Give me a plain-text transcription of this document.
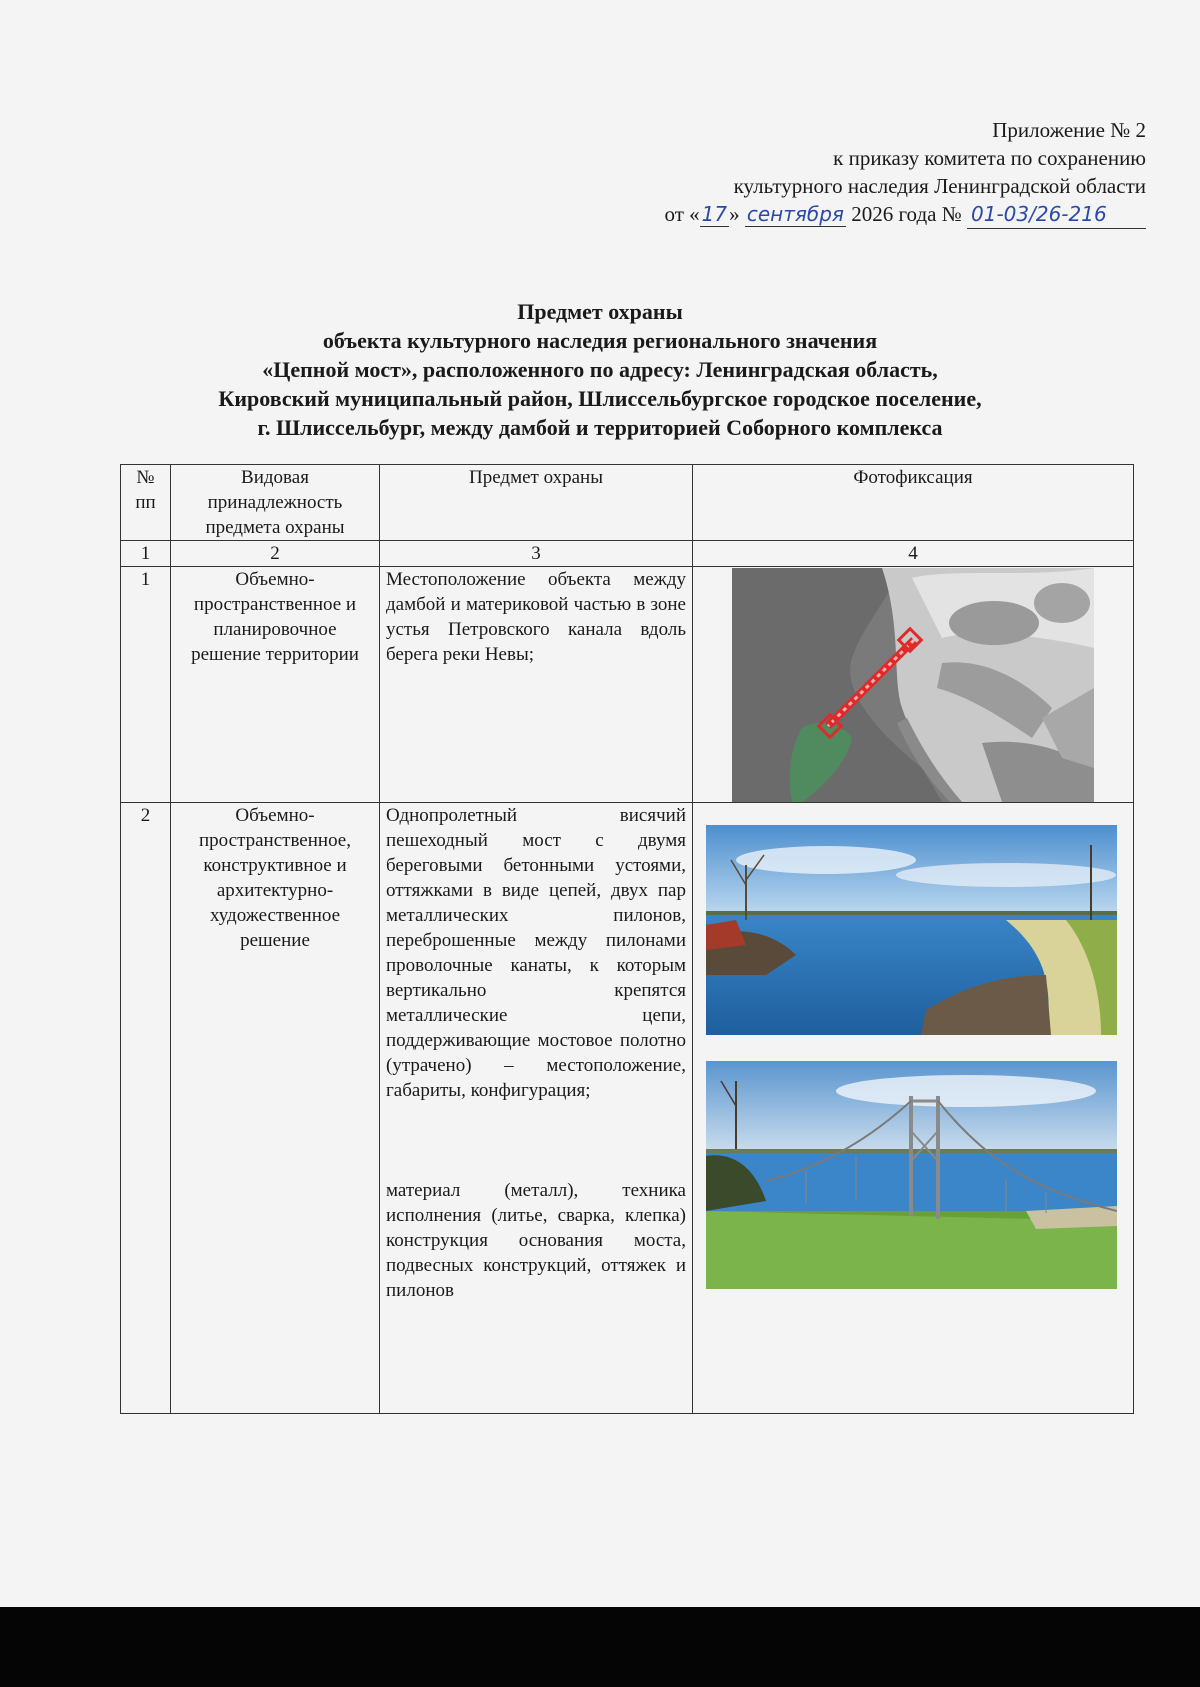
Приложение № 2
к приказу комитета по сохранению
культурного наследия Ленинградской области
от « 17» сентября 2026 года № 01-03/26-216
Предмет охраны
объекта культурного наследия регионального значения
«Цепной мост», расположенного по адресу: Ленинградская область,
Кировский муниципальный район, Шлиссельбургское городское поселение,
г. Шлиссельбург, между дамбой и территорией Соборного комплекса
№ пп	Видовая принадлежность предмета охраны	Предмет охраны	Фотофиксация
1	2	3	4
1	Объемно-пространственное и планировочное решение территории	Местоположение объекта между дамбой и материковой частью в зоне устья Петровского канала вдоль берега реки Невы;	

2	Объемно-пространственное, конструктивное и архитектурно-художественное решение	Однопролетный висячий пешеходный мост с двумя береговыми бетонными устоями, оттяжками в виде цепей, двух пар металлических пилонов, переброшенные между пилонами проволочные канаты, к которым вертикально крепятся металлические цепи, поддерживающие мостовое полотно (утрачено) – местоположение, габариты, конфигурация;
материал (металл), техника исполнения (литье, сварка, клепка) конструкция основания моста, подвесных конструкций, оттяжек и пилонов
